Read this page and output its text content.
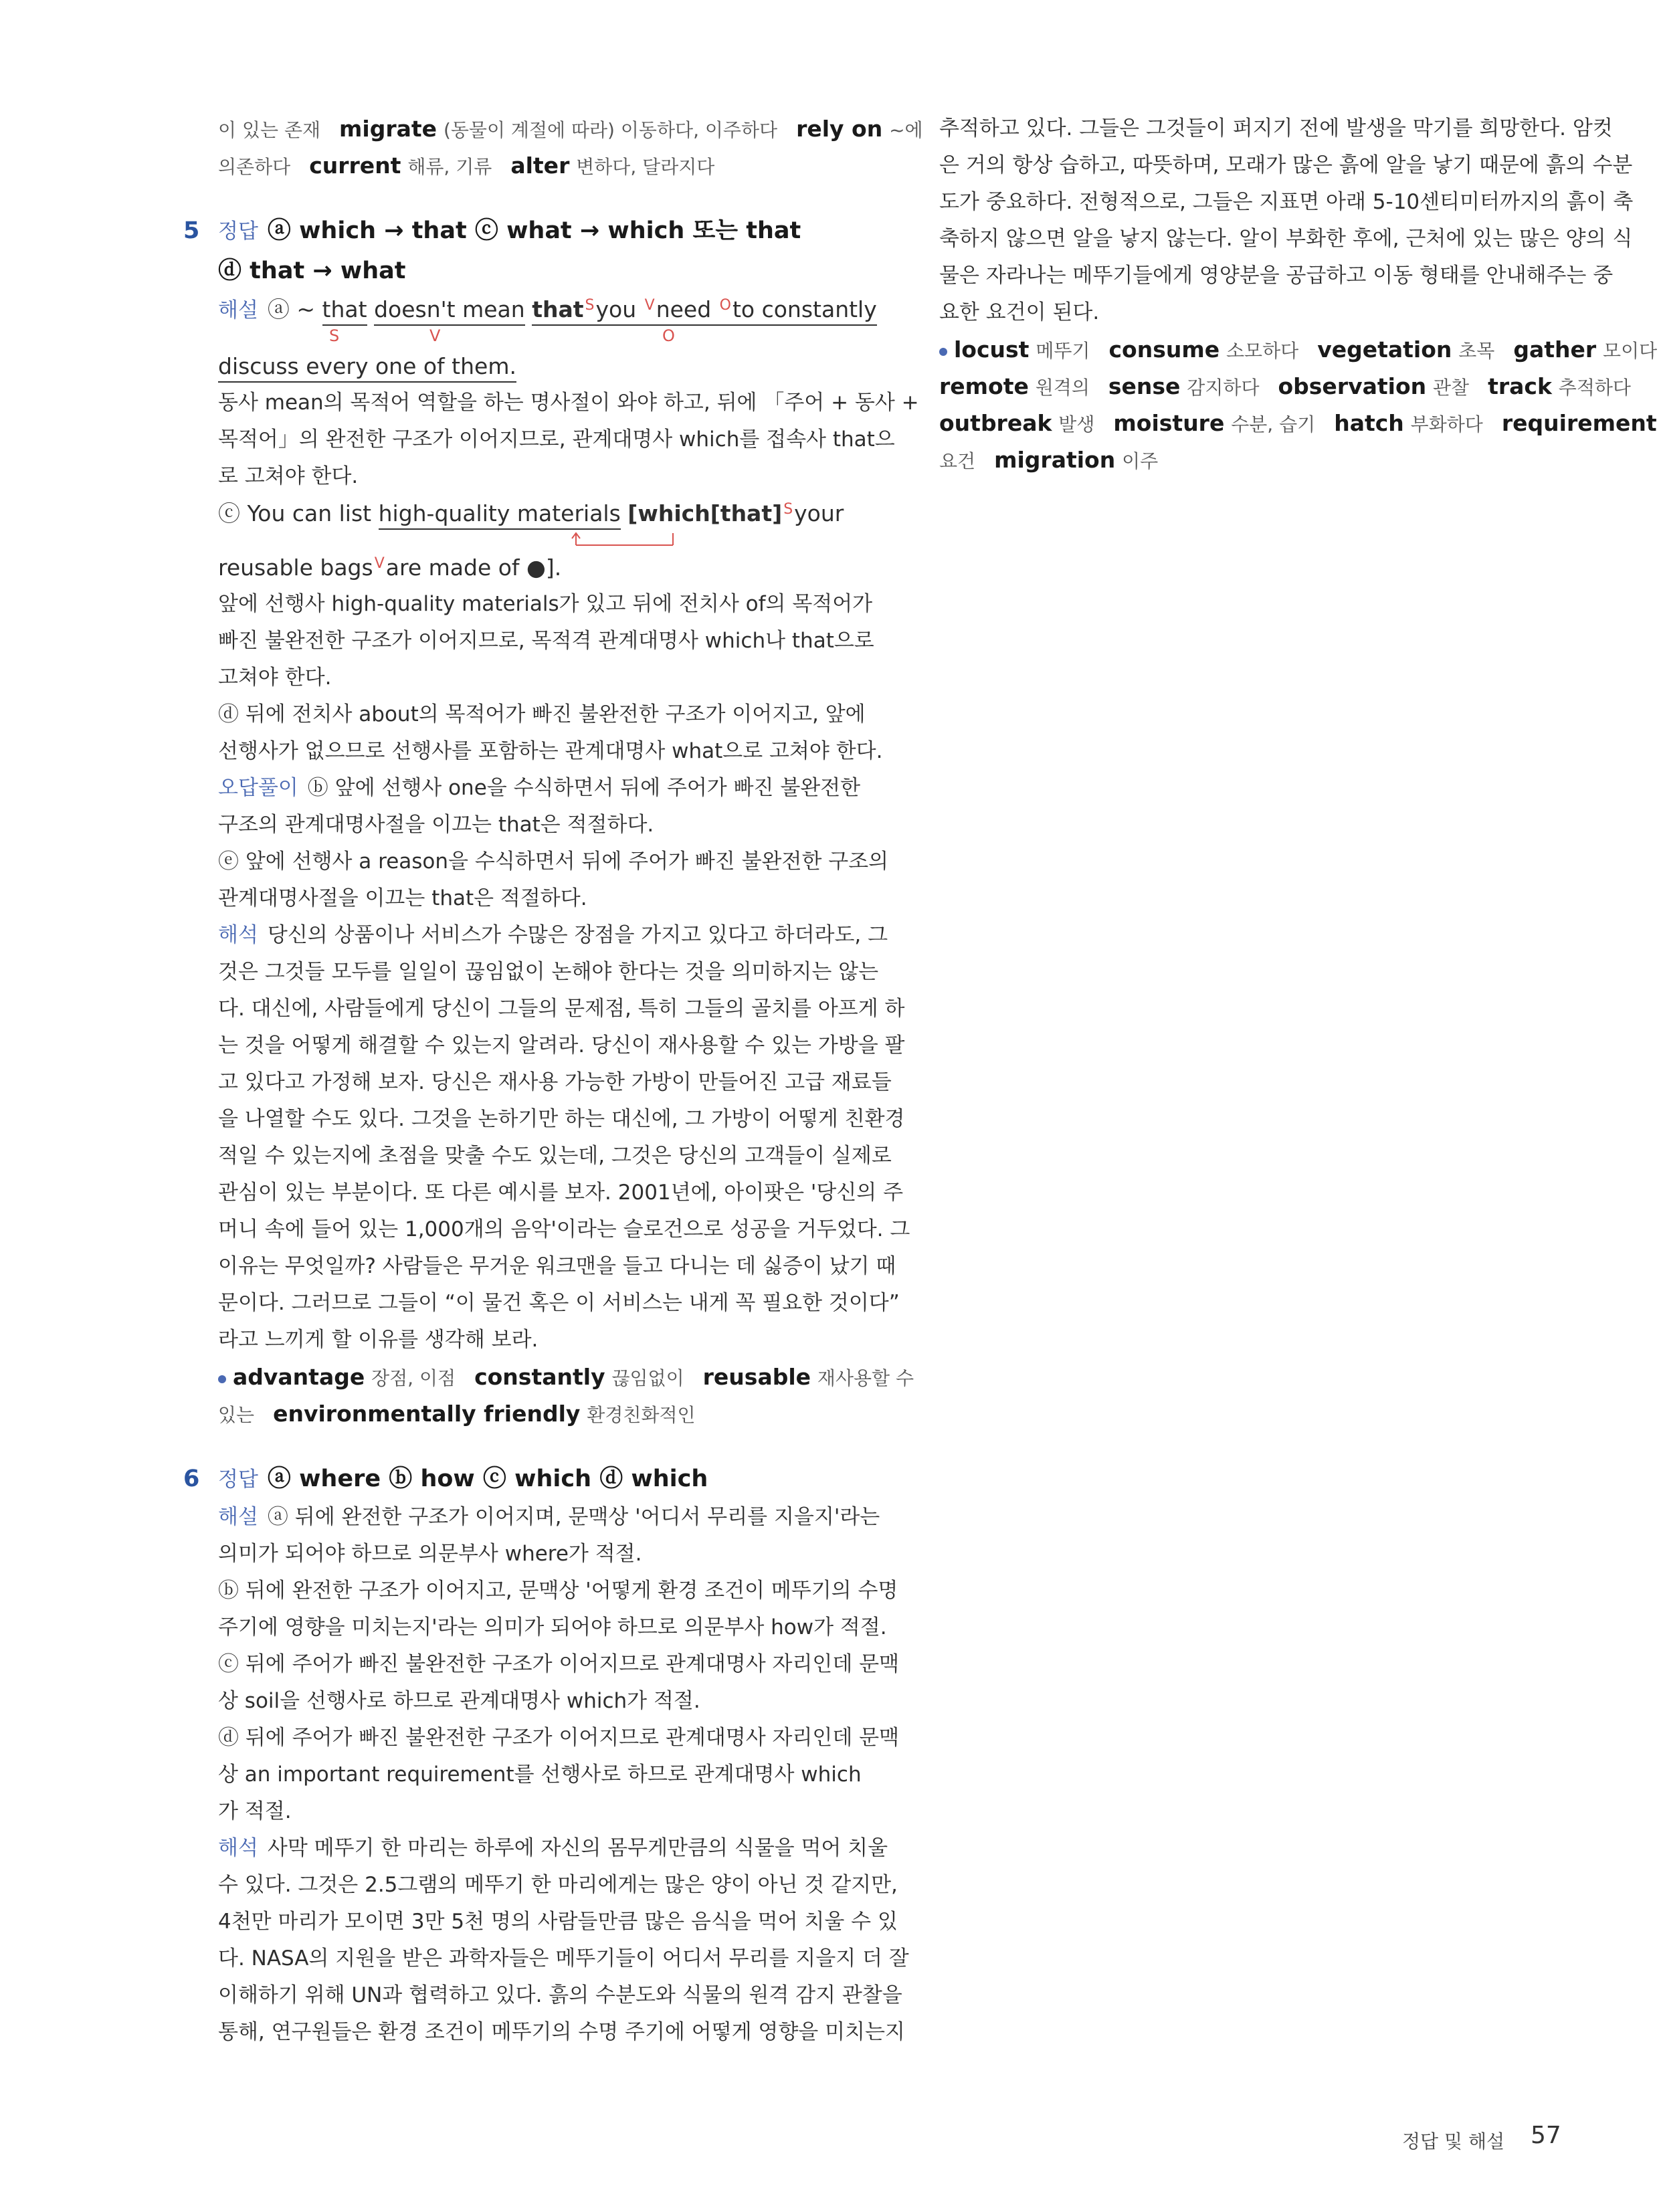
이 있는 존재 migrate (동물이 계절에 따라) 이동하다, 이주하다 rely on ~에
의존하다 current 해류, 기류 alter 변하다, 달라지다
5 정답 ⓐ which → that ⓒ what → which 또는 that
ⓓ that → what
해설 ⓐ ~ that doesn't mean that$^S$you $^V$need $^O$to constantly
S	V	O
discuss every one of them.
동사 mean의 목적어 역할을 하는 명사절이 와야 하고, 뒤에 「주어 + 동사 +
목적어」의 완전한 구조가 이어지므로, 관계대명사 which를 접속사 that으
로 고쳐야 한다.
ⓒ You can list high-quality materials [which[that]$^S$your
reusable bags$^V$are made of ●].
앞에 선행사 high-quality materials가 있고 뒤에 전치사 of의 목적어가
빠진 불완전한 구조가 이어지므로, 목적격 관계대명사 which나 that으로
고쳐야 한다.
ⓓ 뒤에 전치사 about의 목적어가 빠진 불완전한 구조가 이어지고, 앞에
선행사가 없으므로 선행사를 포함하는 관계대명사 what으로 고쳐야 한다.
오답풀이 ⓑ 앞에 선행사 one을 수식하면서 뒤에 주어가 빠진 불완전한
구조의 관계대명사절을 이끄는 that은 적절하다.
ⓔ 앞에 선행사 a reason을 수식하면서 뒤에 주어가 빠진 불완전한 구조의
관계대명사절을 이끄는 that은 적절하다.
해석 당신의 상품이나 서비스가 수많은 장점을 가지고 있다고 하더라도, 그
것은 그것들 모두를 일일이 끊임없이 논해야 한다는 것을 의미하지는 않는
다. 대신에, 사람들에게 당신이 그들의 문제점, 특히 그들의 골치를 아프게 하
는 것을 어떻게 해결할 수 있는지 알려라. 당신이 재사용할 수 있는 가방을 팔
고 있다고 가정해 보자. 당신은 재사용 가능한 가방이 만들어진 고급 재료들
을 나열할 수도 있다. 그것을 논하기만 하는 대신에, 그 가방이 어떻게 친환경
적일 수 있는지에 초점을 맞출 수도 있는데, 그것은 당신의 고객들이 실제로
관심이 있는 부분이다. 또 다른 예시를 보자. 2001년에, 아이팟은 '당신의 주
머니 속에 들어 있는 1,000개의 음악'이라는 슬로건으로 성공을 거두었다. 그
이유는 무엇일까? 사람들은 무거운 워크맨을 들고 다니는 데 싫증이 났기 때
문이다. 그러므로 그들이 “이 물건 혹은 이 서비스는 내게 꼭 필요한 것이다”
라고 느끼게 할 이유를 생각해 보라.
advantage 장점, 이점 constantly 끊임없이 reusable 재사용할 수
있는 environmentally friendly 환경친화적인
6 정답 ⓐ where ⓑ how ⓒ which ⓓ which
해설 ⓐ 뒤에 완전한 구조가 이어지며, 문맥상 '어디서 무리를 지을지'라는
의미가 되어야 하므로 의문부사 where가 적절.
ⓑ 뒤에 완전한 구조가 이어지고, 문맥상 '어떻게 환경 조건이 메뚜기의 수명
주기에 영향을 미치는지'라는 의미가 되어야 하므로 의문부사 how가 적절.
ⓒ 뒤에 주어가 빠진 불완전한 구조가 이어지므로 관계대명사 자리인데 문맥
상 soil을 선행사로 하므로 관계대명사 which가 적절.
ⓓ 뒤에 주어가 빠진 불완전한 구조가 이어지므로 관계대명사 자리인데 문맥
상 an important requirement를 선행사로 하므로 관계대명사 which
가 적절.
해석 사막 메뚜기 한 마리는 하루에 자신의 몸무게만큼의 식물을 먹어 치울
수 있다. 그것은 2.5그램의 메뚜기 한 마리에게는 많은 양이 아닌 것 같지만,
4천만 마리가 모이면 3만 5천 명의 사람들만큼 많은 음식을 먹어 치울 수 있
다. NASA의 지원을 받은 과학자들은 메뚜기들이 어디서 무리를 지을지 더 잘
이해하기 위해 UN과 협력하고 있다. 흙의 수분도와 식물의 원격 감지 관찰을
통해, 연구원들은 환경 조건이 메뚜기의 수명 주기에 어떻게 영향을 미치는지
추적하고 있다. 그들은 그것들이 퍼지기 전에 발생을 막기를 희망한다. 암컷
은 거의 항상 습하고, 따뜻하며, 모래가 많은 흙에 알을 낳기 때문에 흙의 수분
도가 중요하다. 전형적으로, 그들은 지표면 아래 5-10센티미터까지의 흙이 축
축하지 않으면 알을 낳지 않는다. 알이 부화한 후에, 근처에 있는 많은 양의 식
물은 자라나는 메뚜기들에게 영양분을 공급하고 이동 형태를 안내해주는 중
요한 요건이 된다.
locust 메뚜기 consume 소모하다 vegetation 초목 gather 모이다
remote 원격의 sense 감지하다 observation 관찰 track 추적하다
outbreak 발생 moisture 수분, 습기 hatch 부화하다 requirement
요건 migration 이주
정답 및 해설 57
